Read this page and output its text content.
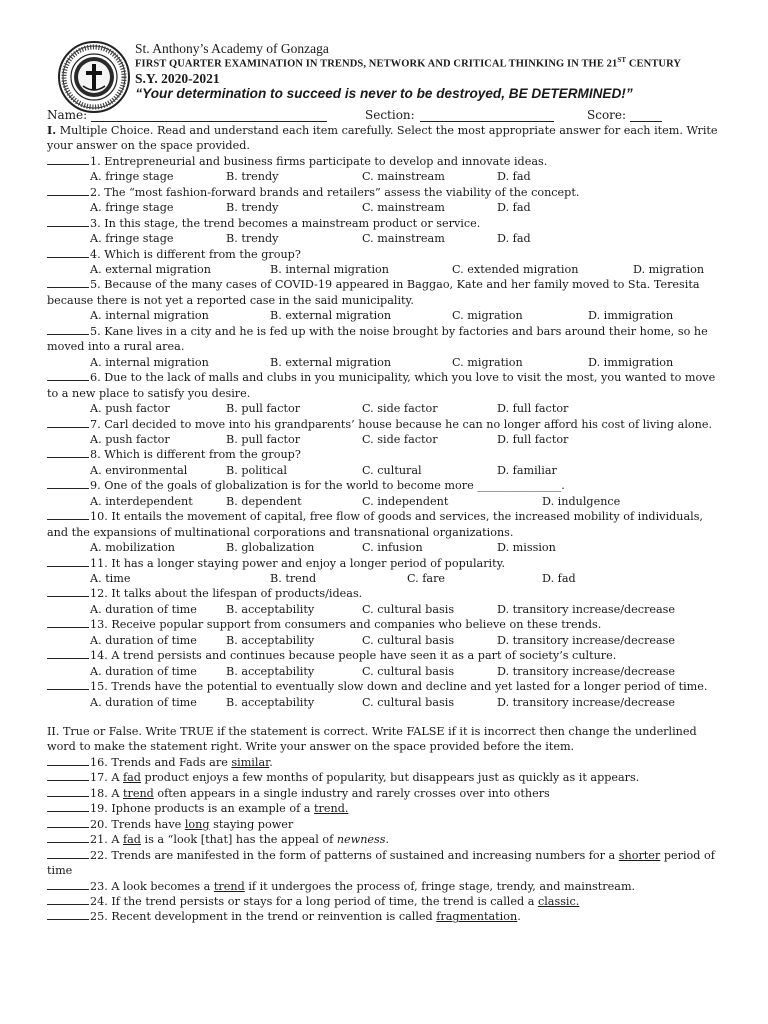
St. Anthony’s Academy of Gonzaga
FIRST QUARTER EXAMINATION IN TRENDS, NETWORK AND CRITICAL THINKING IN THE 21ST CENTURY
S.Y. 2020-2021
“Your determination to succeed is never to be destroyed, BE DETERMINED!”
Name:	Section:	Score:
I. Multiple Choice. Read and understand each item carefully. Select the most appropriate answer for each item. Write your answer on the space provided.
1. Entrepreneurial and business firms participate to develop and innovate ideas.
A. fringe stage	B. trendy	C. mainstream	D. fad
2. The “most fashion-forward brands and retailers” assess the viability of the concept.
A. fringe stage	B. trendy	C. mainstream	D. fad
3. In this stage, the trend becomes a mainstream product or service.
A. fringe stage	B. trendy	C. mainstream	D. fad
4. Which is different from the group?
A. external migration	B. internal migration	C. extended migration	D. migration
5. Because of the many cases of COVID-19 appeared in Baggao, Kate and her family moved to Sta. Teresita because there is not yet a reported case in the said municipality.
A. internal migration	B. external migration	C. migration	D. immigration
5. Kane lives in a city and he is fed up with the noise brought by factories and bars around their home, so he moved into a rural area.
A. internal migration	B. external migration	C. migration	D. immigration
6. Due to the lack of malls and clubs in you municipality, which you love to visit the most, you wanted to move to a new place to satisfy you desire.
A. push factor	B. pull factor	C. side factor	D. full factor
7. Carl decided to move into his grandparents’ house because he can no longer afford his cost of living alone.
A. push factor	B. pull factor	C. side factor	D. full factor
8. Which is different from the group?
A. environmental	B. political	C. cultural	D. familiar
9. One of the goals of globalization is for the world to become more _______________.
A. interdependent	B. dependent	C. independent	D. indulgence
10. It entails the movement of capital, free flow of goods and services, the increased mobility of individuals, and the expansions of multinational corporations and transnational organizations.
A. mobilization	B. globalization	C. infusion	D. mission
11. It has a longer staying power and enjoy a longer period of popularity.
A. time	B. trend	C. fare	D. fad
12. It talks about the lifespan of products/ideas.
A. duration of time	B. acceptability	C. cultural basis	D. transitory increase/decrease
13. Receive popular support from consumers and companies who believe on these trends.
A. duration of time	B. acceptability	C. cultural basis	D. transitory increase/decrease
14. A trend persists and continues because people have seen it as a part of society’s culture.
A. duration of time	B. acceptability	C. cultural basis	D. transitory increase/decrease
15. Trends have the potential to eventually slow down and decline and yet lasted for a longer period of time.
A. duration of time	B. acceptability	C. cultural basis	D. transitory increase/decrease
II. True or False. Write TRUE if the statement is correct. Write FALSE if it is incorrect then change the underlined word to make the statement right. Write your answer on the space provided before the item.
16. Trends and Fads are similar.
17. A fad product enjoys a few months of popularity, but disappears just as quickly as it appears.
18. A trend often appears in a single industry and rarely crosses over into others
19. Iphone products is an example of a trend.
20. Trends have long staying power
21. A fad is a “look [that] has the appeal of newness.
22. Trends are manifested in the form of patterns of sustained and increasing numbers for a shorter period of time
23. A look becomes a trend if it undergoes the process of, fringe stage, trendy, and mainstream.
24. If the trend persists or stays for a long period of time, the trend is called a classic.
25. Recent development in the trend or reinvention is called fragmentation.
